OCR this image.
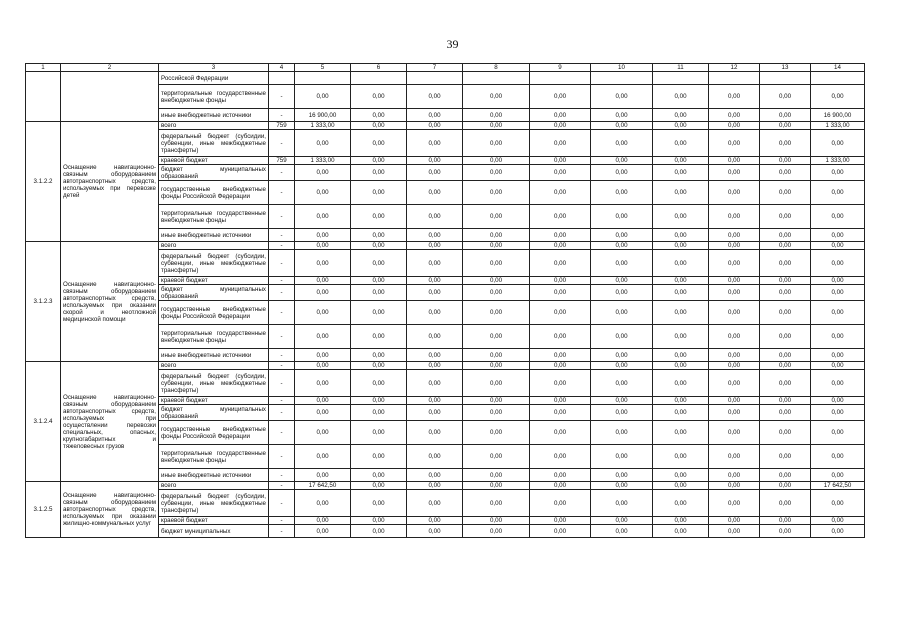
39
1	2	3	4	5	6	7	8	9	10	11	12	13	14
		Российской Федерации											
		территориальные государственные внебюджетные фонды	-	0,00	0,00	0,00	0,00	0,00	0,00	0,00	0,00	0,00	0,00
		иные внебюджетные источники	-	16 900,00	0,00	0,00	0,00	0,00	0,00	0,00	0,00	0,00	16 900,00
3.1.2.2	Оснащение навигационно-связным оборудованием автотранспортных средств, используемых при перевозке детей	всего	759	1 333,00	0,00	0,00	0,00	0,00	0,00	0,00	0,00	0,00	1 333,00
		федеральный бюджет (субсидии, субвенции, иные межбюджетные трансферты)	-	0,00	0,00	0,00	0,00	0,00	0,00	0,00	0,00	0,00	0,00
		краевой бюджет	759	1 333,00	0,00	0,00	0,00	0,00	0,00	0,00	0,00	0,00	1 333,00
		бюджет муниципальных образований	-	0,00	0,00	0,00	0,00	0,00	0,00	0,00	0,00	0,00	0,00
		государственные внебюджетные фонды Российской Федерации	-	0,00	0,00	0,00	0,00	0,00	0,00	0,00	0,00	0,00	0,00
		территориальные государственные внебюджетные фонды	-	0,00	0,00	0,00	0,00	0,00	0,00	0,00	0,00	0,00	0,00
		иные внебюджетные источники	-	0,00	0,00	0,00	0,00	0,00	0,00	0,00	0,00	0,00	0,00
3.1.2.3	Оснащение навигационно-связным оборудованием автотранспортных средств, используемых при оказании скорой и неотложной медицинской помощи	всего	-	0,00	0,00	0,00	0,00	0,00	0,00	0,00	0,00	0,00	0,00
		федеральный бюджет (субсидии, субвенции, иные межбюджетные трансферты)	-	0,00	0,00	0,00	0,00	0,00	0,00	0,00	0,00	0,00	0,00
		краевой бюджет	-	0,00	0,00	0,00	0,00	0,00	0,00	0,00	0,00	0,00	0,00
		бюджет муниципальных образований	-	0,00	0,00	0,00	0,00	0,00	0,00	0,00	0,00	0,00	0,00
		государственные внебюджетные фонды Российской Федерации	-	0,00	0,00	0,00	0,00	0,00	0,00	0,00	0,00	0,00	0,00
		территориальные государственные внебюджетные фонды	-	0,00	0,00	0,00	0,00	0,00	0,00	0,00	0,00	0,00	0,00
		иные внебюджетные источники	-	0,00	0,00	0,00	0,00	0,00	0,00	0,00	0,00	0,00	0,00
3.1.2.4	Оснащение навигационно-связным оборудованием автотранспортных средств, используемых при осуществлении перевозки специальных, опасных, крупногабаритных и тяжеловесных грузов	всего	-	0,00	0,00	0,00	0,00	0,00	0,00	0,00	0,00	0,00	0,00
		федеральный бюджет (субсидии, субвенции, иные межбюджетные трансферты)	-	0,00	0,00	0,00	0,00	0,00	0,00	0,00	0,00	0,00	0,00
		краевой бюджет	-	0,00	0,00	0,00	0,00	0,00	0,00	0,00	0,00	0,00	0,00
		бюджет муниципальных образований	-	0,00	0,00	0,00	0,00	0,00	0,00	0,00	0,00	0,00	0,00
		государственные внебюджетные фонды Российской Федерации	-	0,00	0,00	0,00	0,00	0,00	0,00	0,00	0,00	0,00	0,00
		территориальные государственные внебюджетные фонды	-	0,00	0,00	0,00	0,00	0,00	0,00	0,00	0,00	0,00	0,00
		иные внебюджетные источники	-	0,00	0,00	0,00	0,00	0,00	0,00	0,00	0,00	0,00	0,00
3.1.2.5	Оснащение навигационно-связным оборудованием автотранспортных средств, используемых при оказании жилищно-коммунальных услуг	всего	-	17 642,50	0,00	0,00	0,00	0,00	0,00	0,00	0,00	0,00	17 642,50
		федеральный бюджет (субсидии, субвенции, иные межбюджетные трансферты)	-	0,00	0,00	0,00	0,00	0,00	0,00	0,00	0,00	0,00	0,00
		краевой бюджет	-	0,00	0,00	0,00	0,00	0,00	0,00	0,00	0,00	0,00	0,00
		бюджет муниципальных	-	0,00	0,00	0,00	0,00	0,00	0,00	0,00	0,00	0,00	0,00
